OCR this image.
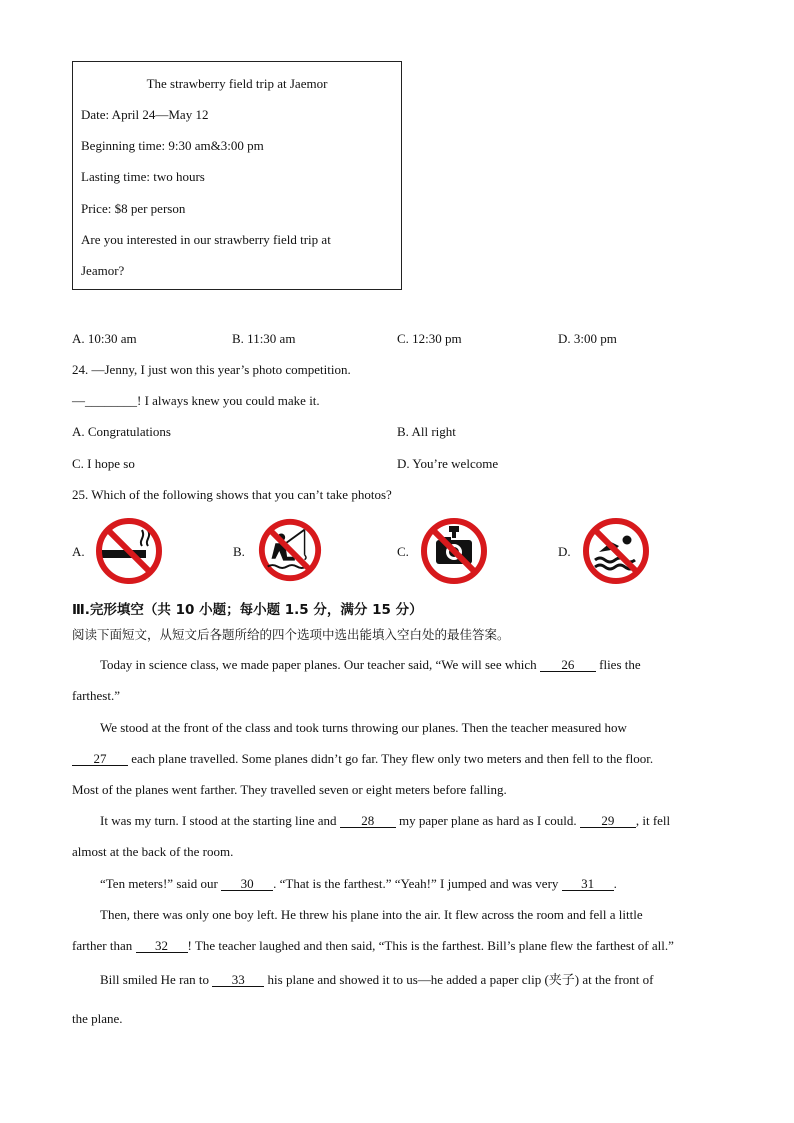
The strawberry field trip at Jaemor
Date: April 24—May 12
Beginning time: 9:30 am&3:00 pm
Lasting time: two hours
Price: $8 per person
Are you interested in our strawberry field trip at
Jeamor?
A. 10:30 am	B. 11:30 am	C. 12:30 pm	D. 3:00 pm
24. —Jenny, I just won this year’s photo competition.
—________! I always knew you could make it.
A. Congratulations	B. All right
C. I hope so	D. You’re welcome
25. Which of the following shows that you can’t take photos?
A.	B.	C.	D.
Ⅲ.完形填空（共 10 小题；每小题 1.5 分，满分 15 分）
阅读下面短文，从短文后各题所给的四个选项中选出能填入空白处的最佳答案。
Today in science class, we made paper planes. Our teacher said, “We will see which 26 flies the
farthest.”
We stood at the front of the class and took turns throwing our planes. Then the teacher measured how
27 each plane travelled. Some planes didn’t go far. They flew only two meters and then fell to the floor.
Most of the planes went farther. They travelled seven or eight meters before falling.
It was my turn. I stood at the starting line and 28 my paper plane as hard as I could. 29 , it fell
almost at the back of the room.
“Ten meters!” said our 30 . “That is the farthest.” “Yeah!” I jumped and was very 31 .
Then, there was only one boy left. He threw his plane into the air. It flew across the room and fell a little
farther than 32 ! The teacher laughed and then said, “This is the farthest. Bill’s plane flew the farthest of all.”
Bill smiled He ran to 33 his plane and showed it to us—he added a paper clip (夹子) at the front of
the plane.
